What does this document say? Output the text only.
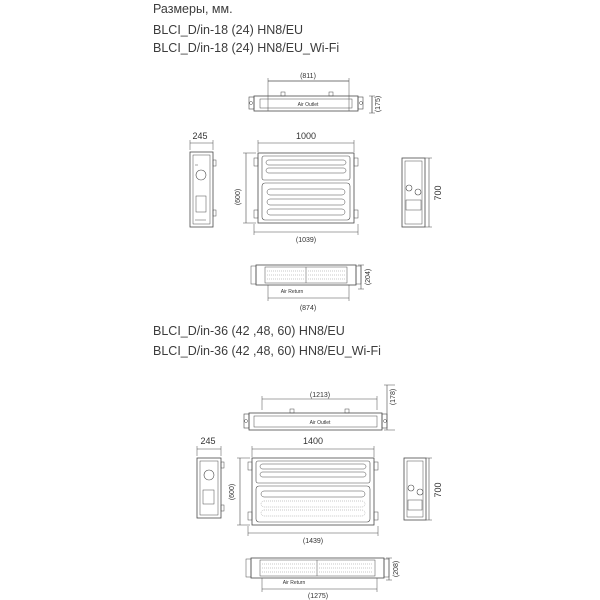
Размеры, мм.
BLCI_D/in-18 (24) HN8/EU
BLCI_D/in-18 (24) HN8/EU_Wi-Fi
BLCI_D/in-36 (42 ,48, 60) HN8/EU
BLCI_D/in-36 (42 ,48, 60) HN8/EU_Wi-Fi
(811)
Air Outlet	(175)
245	1000
(600)
(1039)
700
(204)
Air Return
(874)
(1213)
Air Outlet
(178)
245	1400
(600)
(1439)
700
(208)
Air Return
(1275)
